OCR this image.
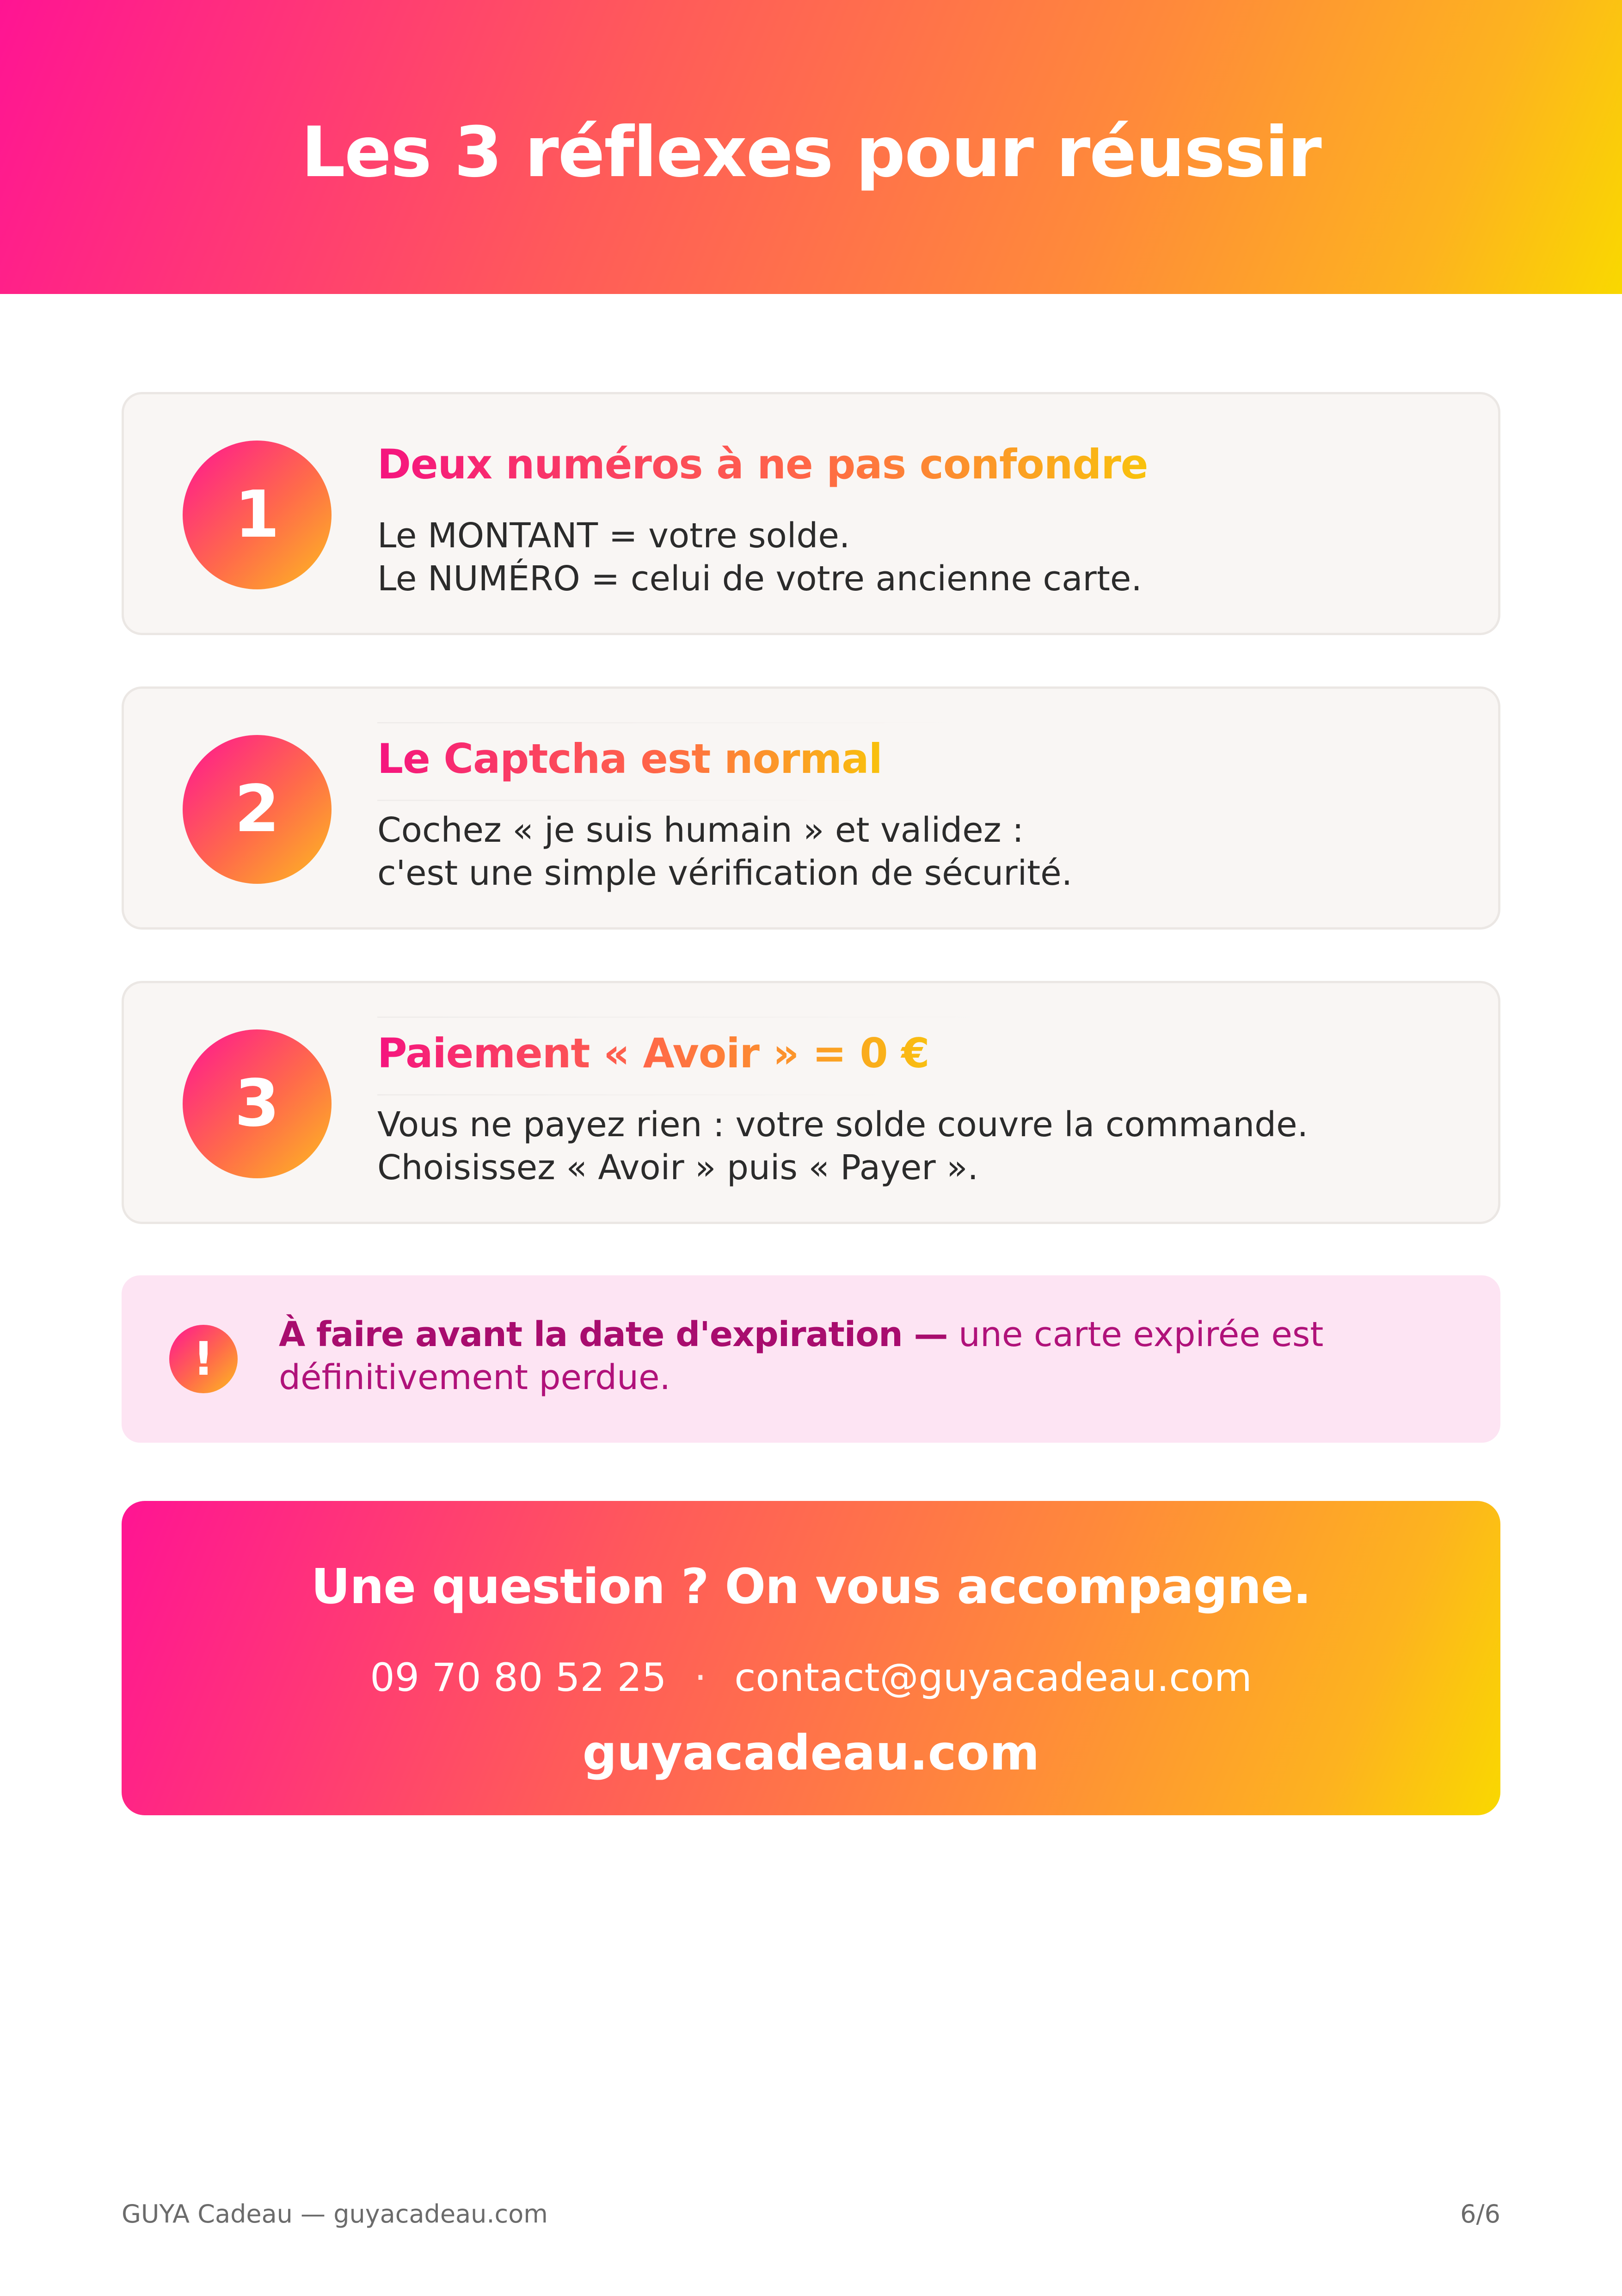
Les 3 réflexes pour réussir
1
Deux numéros à ne pas confondre
Le MONTANT = votre solde.
Le NUMÉRO = celui de votre ancienne carte.
2
Le Captcha est normal
Cochez « je suis humain » et validez :
c'est une simple vérification de sécurité.
3
Paiement « Avoir » = 0 €
Vous ne payez rien : votre solde couvre la commande.
Choisissez « Avoir » puis « Payer ».
!	À faire avant la date d'expiration — une carte expirée est
définitivement perdue.
Une question ? On vous accompagne.
09 70 80 52 25 · contact@guyacadeau.com
guyacadeau.com
GUYA Cadeau — guyacadeau.com	6/6
